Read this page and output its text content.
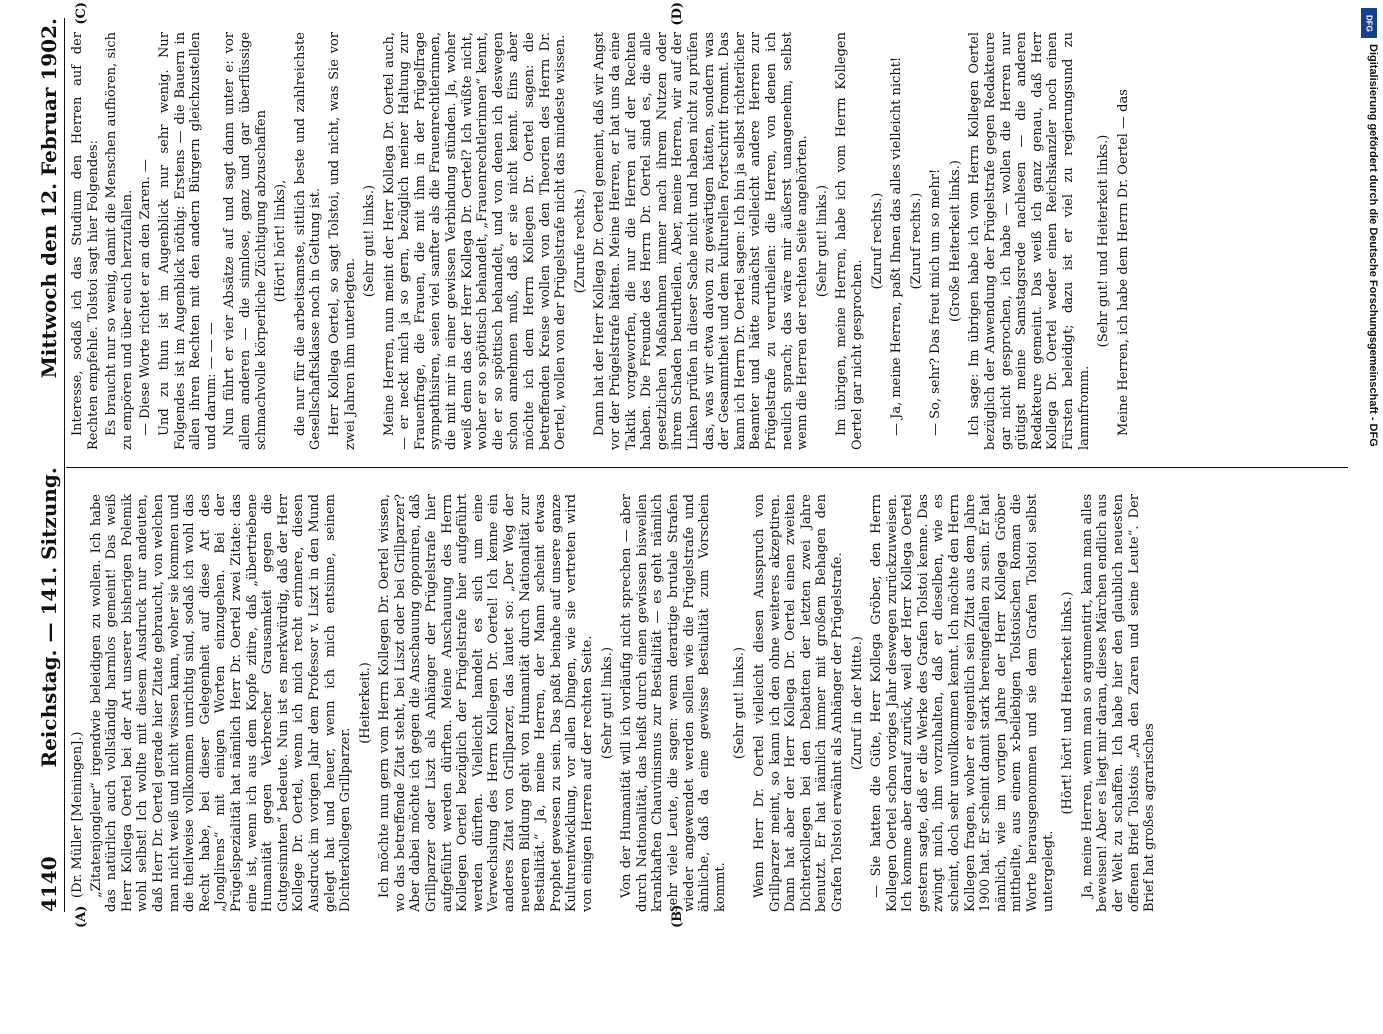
4140
Reichstag. — 141. Sitzung.
Mittwoch den 12. Februar 1902.

(Dr. Müller [Meiningen].) „Zitatenjongleur“ irgendwie beleidigen zu wollen. Ich habe das natürlich auch vollständig harmlos gemeint! Das weiß Herr Kollega Oertel bei der Art unserer bisherigen Polemik wohl selbst! Ich wollte mit diesem Ausdruck nur andeuten, daß Herr Dr. Oertel gerade hier Zitate gebraucht, von welchen man nicht weiß und nicht wissen kann, woher sie kommen und die theilweise vollkommen unrichtig sind, sodaß ich wohl das Recht habe, bei dieser Gelegenheit auf diese Art des „Jonglirens“ mit einigen Worten einzugehen. Bei der Prügelspezialität hat nämlich Herr Dr. Oertel zwei Zitate: das eine ist, wenn ich aus dem Kopfe zitire, daß „übertriebene Humanität gegen Verbrecher Grausamkeit gegen die Gutgesinnten“ bedeute. Nun ist es merkwürdig, daß der Herr Kollege Dr. Oertel, wenn ich mich recht erinnere, diesen Ausdruck im vorigen Jahr dem Professor v. Liszt in den Mund gelegt hat und heuer, wenn ich mich entsinne, seinem Dichterkollegen Grillparzer.

(Heiterkeit.) Ich möchte nun gern vom Herrn Kollegen Dr. Oertel wissen, wo das betreffende Zitat steht, bei Liszt oder bei Grillparzer? Aber dabei möchte ich gegen die Anschauung opponiren, daß Grillparzer oder Liszt als Anhänger der Prügelstrafe hier aufgeführt werden dürften. Meine Anschauung des Herrn Kollegen Oertel bezüglich der Prügelstrafe hier aufgeführt werden dürften. Vielleicht handelt es sich um eine Verwechslung des Herrn Kollegen Dr. Oertel! Ich kenne ein anderes Zitat von Grillparzer, das lautet so: „Der Weg der neueren Bildung geht von Humanität durch Nationalität zur Bestialität.“ Ja, meine Herren, der Mann scheint etwas Prophet gewesen zu sein. Das paßt beinahe auf unsere ganze Kulturentwicklung, vor allen Dingen, wie sie vertreten wird von einigen Herren auf der rechten Seite. (Sehr gut! links.) Von der Humanität will ich vorläufig nicht sprechen — aber durch Nationalität, das heißt durch einen gewissen bisweilen krankhaften Chauvinismus zur Bestialität — es geht nämlich sehr viele Leute, die sagen: wenn derartige brutale Strafen wieder angewendet werden sollen wie die Prügelstrafe und ähnliche, daß da eine gewisse Bestialität zum Vorschein kommt.

(Sehr gut! links.) Wenn Herr Dr. Oertel vielleicht diesen Ausspruch von Grillparzer meint, so kann ich den ohne weiteres akzeptiren. Dann hat aber der Herr Kollega Dr. Oertel einen zweiten Dichterkollegen bei den Debatten der letzten zwei Jahre benutzt. Er hat nämlich immer mit großem Behagen den Grafen Tolstoi erwähnt als Anhänger der Prügelstrafe. (Zuruf in der Mitte.) — Sie hatten die Güte, Herr Kollega Gröber, den Herrn Kollegen Oertel schon voriges Jahr deswegen zurückzuweisen. Ich komme aber darauf zurück, weil der Herr Kollega Oertel gestern sagte, daß er die Werke des Grafen Tolstoi kenne. Das zwingt mich, ihm vorzuhalten, daß er dieselben, wie es scheint, doch sehr unvollkommen kennt. Ich möchte den Herrn Kollegen fragen, woher er eigentlich sein Zitat aus dem Jahre 1900 hat. Er scheint damit stark hereingefallen zu sein. Er hat nämlich, wie im vorigen Jahre der Herr Kollega Gröber mittheilte, aus einem x-beliebigen Tolstoischen Roman die Worte herausgenommen und sie dem Grafen Tolstoi selbst untergelegt.

(Hört! hört! und Heiterkeit links.) Ja, meine Herren, wenn man so argumentirt, kann man alles beweisen! Aber es liegt mir daran, dieses Märchen endlich aus der Welt zu schaffen. Ich habe hier den glaublich neuesten offenen Brief Tolstois „An den Zaren und seine Leute“. Der Brief hat großes agrarisches

Interesse, sodaß ich das Studium den Herren auf der Rechten empfehle. Tolstoi sagt hier Folgendes: Es braucht nur so wenig, damit die Menschen aufhören, sich zu empören und über euch herzufallen. — Diese Worte richtet er an den Zaren. — Und zu thun ist im Augenblick nur sehr wenig. Nur Folgendes ist im Augenblick nöthig: Erstens — die Bauern in allen ihren Rechten mit den andern Bürgern gleichzustellen und darum: — — — Nun führt er vier Absätze auf und sagt dann unter e: vor allem anderen — die sinnlose, ganz und gar überflüssige schmachvolle körperliche Züchtigung abzuschaffen (Hört! hört! links), die nur für die arbeitsamste, sittlich beste und zahlreichste Gesellschaftsklasse noch in Geltung ist. Herr Kollega Oertel, so sagt Tolstoi, und nicht, was Sie vor zwei Jahren ihm unterlegten.

(Sehr gut! links.) Meine Herren, nun meint der Herr Kollega Dr. Oertel auch, — er neckt mich ja so gern, bezüglich meiner Haltung zur Frauenfrage, die Frauen, die mit ihm in der Prügelfrage sympathisiren, seien viel sanfter als die Frauenrechtlerinnen, die mit mir in einer gewissen Verbindung stünden. Ja, woher weiß denn das der Herr Kollega Dr. Oertel? Ich wüßte nicht, woher er so spöttisch behandelt, „Frauenrechtlerinnen“ kennt, die er so spöttisch behandelt, und von denen ich deswegen schon annehmen muß, daß er sie nicht kennt. Eins aber möchte ich dem Herrn Kollegen Dr. Oertel sagen: die betreffenden Kreise wollen von den Theorien des Herrn Dr. Oertel, wollen von der Prügelstrafe nicht das mindeste wissen. (Zurufe rechts.) Dann hat der Herr Kollega Dr. Oertel gemeint, daß wir Angst vor der Prügelstrafe hätten. Meine Herren, er hat uns da eine Taktik vorgeworfen, die nur die Herren auf der Rechten haben. Die Freunde des Herrn Dr. Oertel sind es, die alle gesetzlichen Maßnahmen immer nach ihrem Nutzen oder ihrem Schaden beurtheilen. Aber, meine Herren, wir auf der Linken prüfen in dieser Sache nicht und haben nicht zu prüfen das, was wir etwa davon zu gewärtigen hätten, sondern was der Gesammtheit und dem kulturellen Fortschritt frommt. Das kann ich Herrn Dr. Oertel sagen: Ich bin ja selbst richterlicher Beamter und hätte zunächst vielleicht andere Herren zur Prügelstrafe zu verurtheilen: die Herren, von denen ich neulich sprach; das wäre mir äußerst unangenehm, selbst wenn die Herren der rechten Seite angehörten. (Sehr gut! links.) Im übrigen, meine Herren, habe ich vom Herrn Kollegen Oertel gar nicht gesprochen.

(Zuruf rechts.) — Ja, meine Herren, paßt Ihnen das alles vielleicht nicht! (Zuruf rechts.) — So, sehr? Das freut mich um so mehr! (Große Heiterkeit links.) Ich sage: Im übrigen habe ich vom Herrn Kollegen Oertel bezüglich der Anwendung der Prügelstrafe gegen Redakteure gar nicht gesprochen, ich habe — wollen die Herren nur gütigst meine Samstagsrede nachlesen — die anderen Redakteure gemeint. Das weiß ich ganz genau, daß Herr Kollega Dr. Oertel weder einen Reichskanzler noch einen Fürsten beleidigt; dazu ist er viel zu regierungsund zu lammfromm.

(Sehr gut! und Heiterkeit links.) Meine Herren, ich habe dem Herrn Dr. Oertel — das

(A)	(B)
(C)	(D)	DFG
Digitalisierung gefördert durch die Deutsche Forschungsgemeinschaft - DFG
